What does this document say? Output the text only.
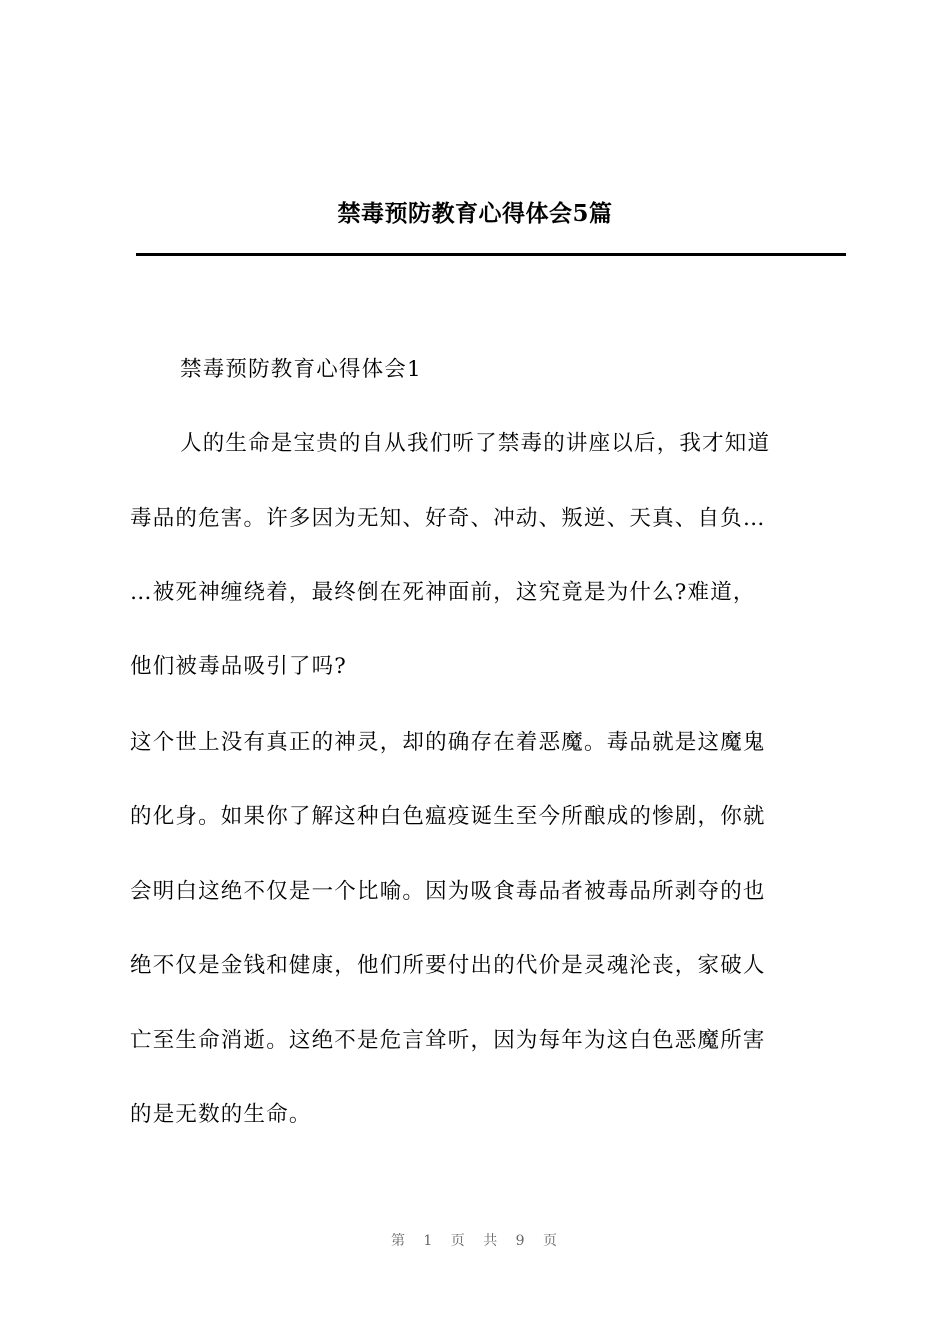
禁毒预防教育心得体会5篇
禁毒预防教育心得体会1
人的生命是宝贵的自从我们听了禁毒的讲座以后，我才知道
毒品的危害。许多因为无知、好奇、冲动、叛逆、天真、自负…
…被死神缠绕着，最终倒在死神面前，这究竟是为什么?难道，
他们被毒品吸引了吗?
这个世上没有真正的神灵，却的确存在着恶魔。毒品就是这魔鬼
的化身。如果你了解这种白色瘟疫诞生至今所酿成的惨剧，你就
会明白这绝不仅是一个比喻。因为吸食毒品者被毒品所剥夺的也
绝不仅是金钱和健康，他们所要付出的代价是灵魂沦丧，家破人
亡至生命消逝。这绝不是危言耸听，因为每年为这白色恶魔所害
的是无数的生命。
第 1 页 共 9 页
